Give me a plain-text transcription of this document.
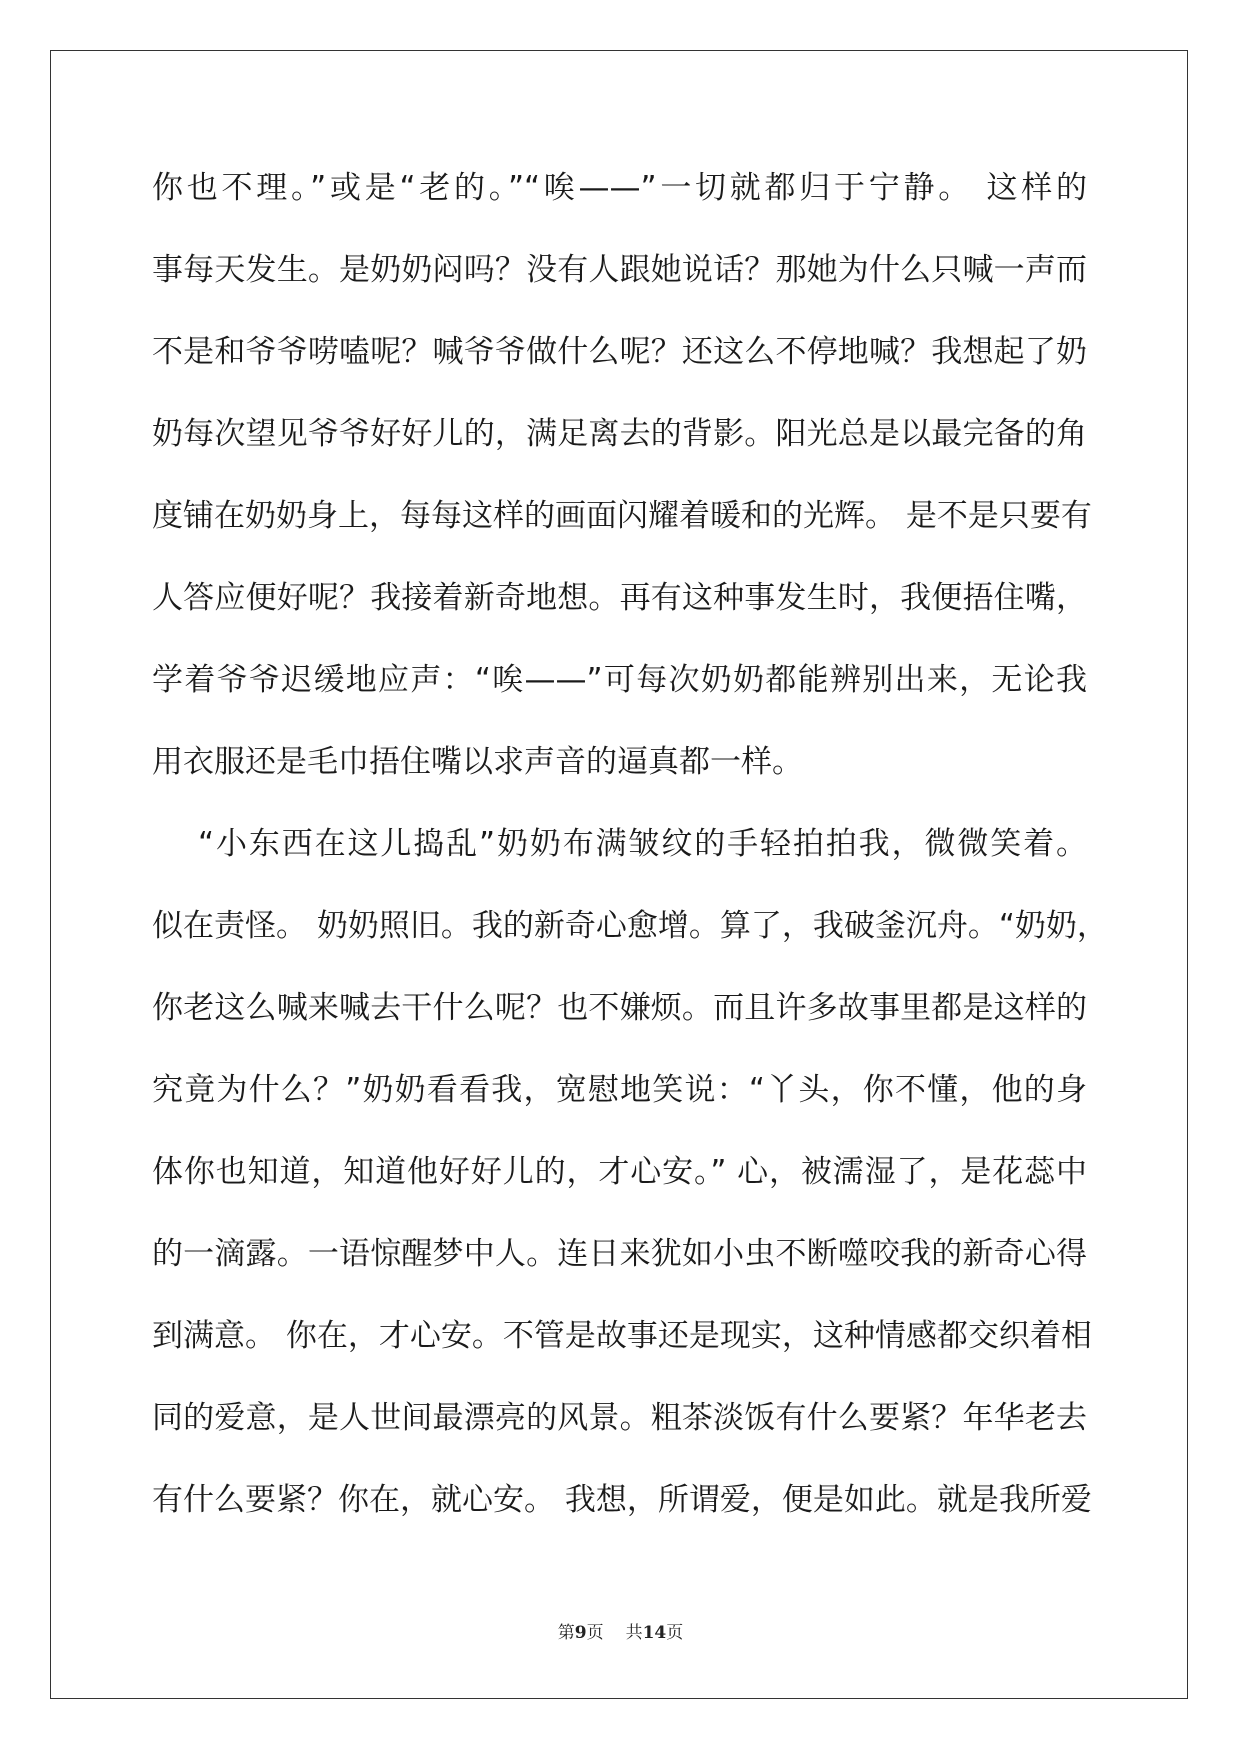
你也不理。”或是“老的。”“唉——”一切就都归于宁静。 这样的
事每天发生。是奶奶闷吗？没有人跟她说话？那她为什么只喊一声而
不是和爷爷唠嗑呢？喊爷爷做什么呢？还这么不停地喊？我想起了奶
奶每次望见爷爷好好儿的，满足离去的背影。阳光总是以最完备的角
度铺在奶奶身上，每每这样的画面闪耀着暖和的光辉。 是不是只要有
人答应便好呢？我接着新奇地想。再有这种事发生时，我便捂住嘴，
学着爷爷迟缓地应声：“唉——”可每次奶奶都能辨别出来，无论我
用衣服还是毛巾捂住嘴以求声音的逼真都一样。
“小东西在这儿捣乱”奶奶布满皱纹的手轻拍拍我，微微笑着。
似在责怪。 奶奶照旧。我的新奇心愈增。算了，我破釜沉舟。“奶奶，
你老这么喊来喊去干什么呢？也不嫌烦。而且许多故事里都是这样的
究竟为什么？”奶奶看看我，宽慰地笑说：“丫头，你不懂，他的身
体你也知道，知道他好好儿的，才心安。” 心，被濡湿了，是花蕊中
的一滴露。一语惊醒梦中人。连日来犹如小虫不断噬咬我的新奇心得
到满意。 你在，才心安。不管是故事还是现实，这种情感都交织着相
同的爱意，是人世间最漂亮的风景。粗茶淡饭有什么要紧？年华老去
有什么要紧？你在，就心安。 我想，所谓爱，便是如此。就是我所爱
第9页 共14页
